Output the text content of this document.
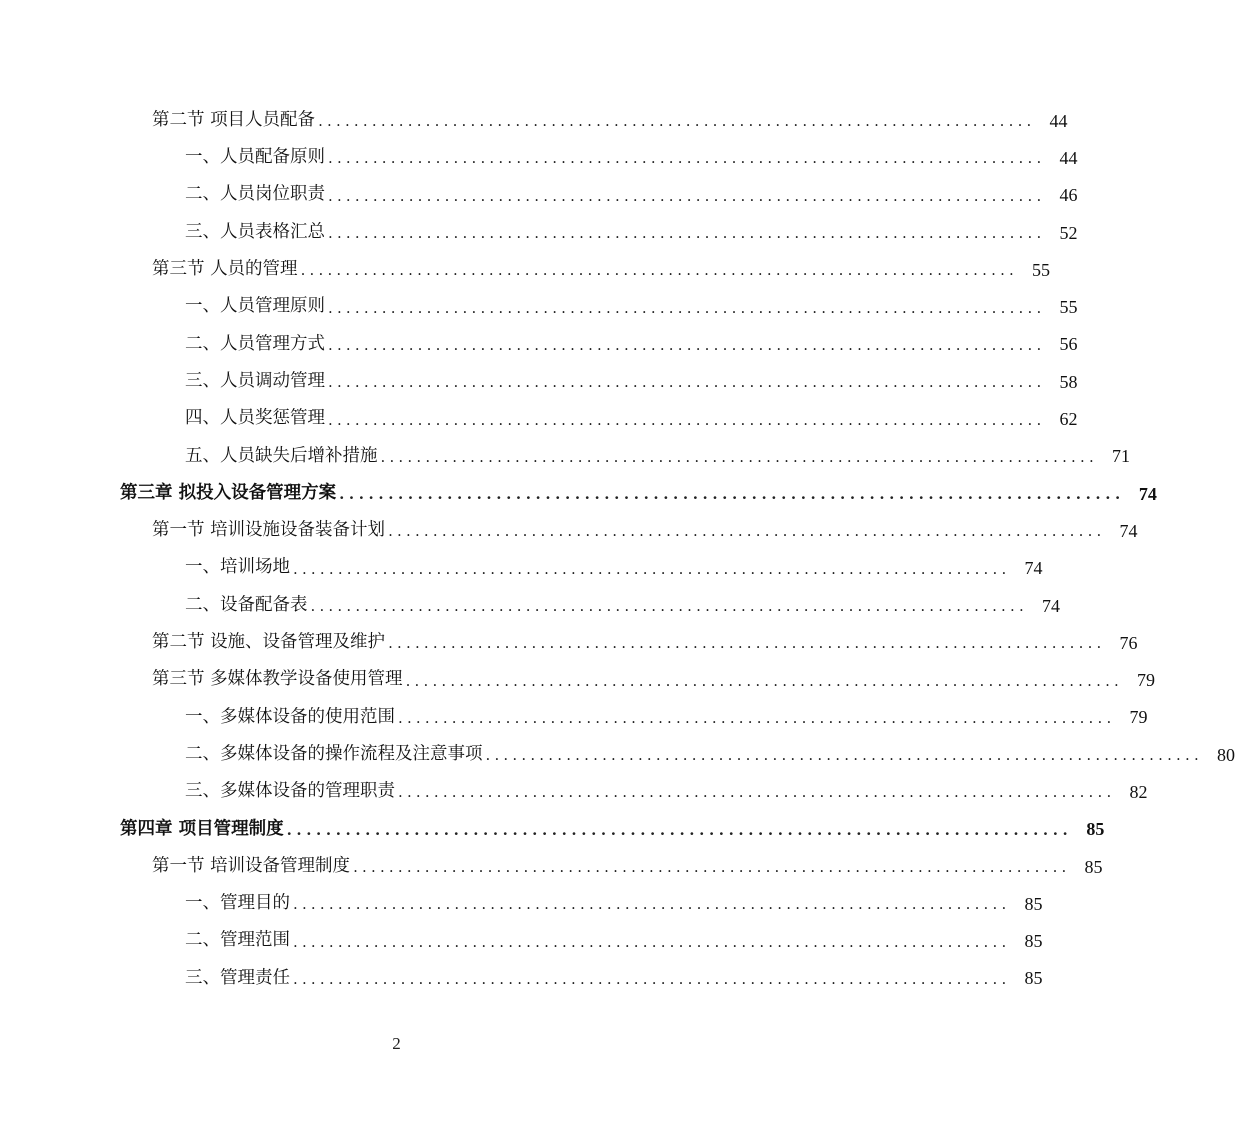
第二节 项目人员配备 ................................................................................ 44
一、人员配备原则 ................................................................................ 44
二、人员岗位职责 ................................................................................ 46
三、人员表格汇总 ................................................................................ 52
第三节 人员的管理 ................................................................................ 55
一、人员管理原则 ................................................................................ 55
二、人员管理方式 ................................................................................ 56
三、人员调动管理 ................................................................................ 58
四、人员奖惩管理 ................................................................................ 62
五、人员缺失后增补措施 ................................................................................ 71
第三章 拟投入设备管理方案 ................................................................................ 74
第一节 培训设施设备装备计划 ................................................................................ 74
一、培训场地 ................................................................................ 74
二、设备配备表 ................................................................................ 74
第二节 设施、设备管理及维护 ................................................................................ 76
第三节 多媒体教学设备使用管理 ................................................................................ 79
一、多媒体设备的使用范围 ................................................................................ 79
二、多媒体设备的操作流程及注意事项 ................................................................................ 80
三、多媒体设备的管理职责 ................................................................................ 82
第四章 项目管理制度 ................................................................................ 85
第一节 培训设备管理制度 ................................................................................ 85
一、管理目的 ................................................................................ 85
二、管理范围 ................................................................................ 85
三、管理责任 ................................................................................ 85
2
